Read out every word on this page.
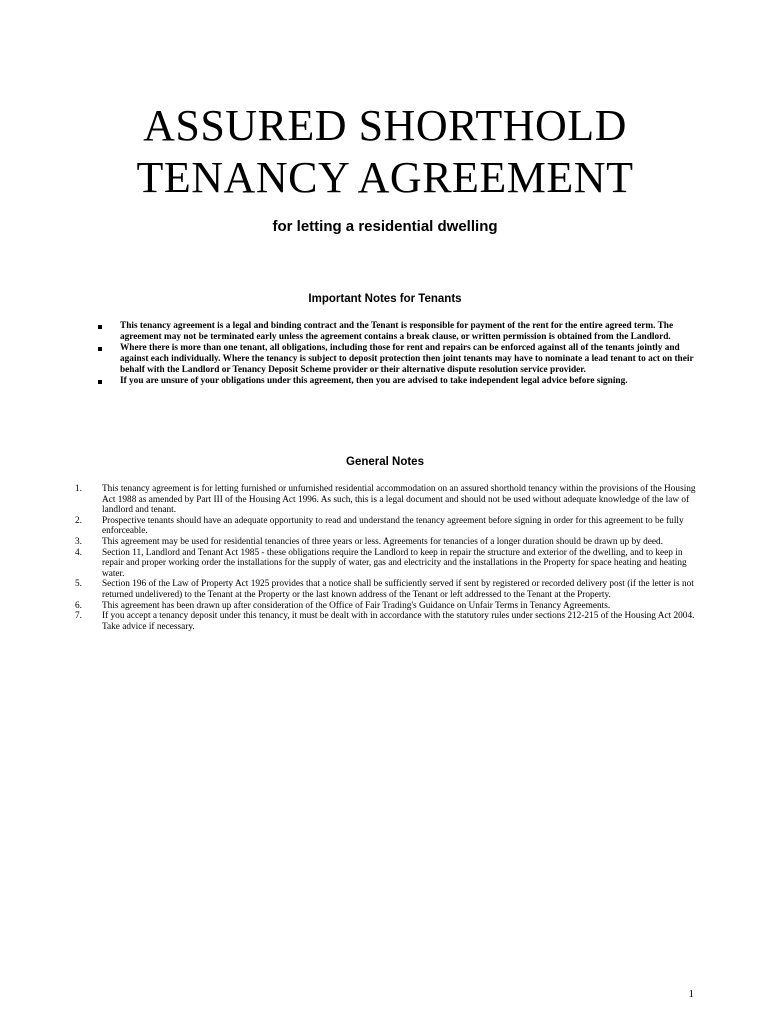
ASSURED SHORTHOLD
TENANCY AGREEMENT

for letting a residential dwelling

Important Notes for Tenants

This tenancy agreement is a legal and binding contract and the Tenant is responsible for payment of the rent for the entire agreed term. The agreement may not be terminated early unless the agreement contains a break clause, or written permission is obtained from the Landlord.
Where there is more than one tenant, all obligations, including those for rent and repairs can be enforced against all of the tenants jointly and against each individually. Where the tenancy is subject to deposit protection then joint tenants may have to nominate a lead tenant to act on their behalf with the Landlord or Tenancy Deposit Scheme provider or their alternative dispute resolution service provider.
If you are unsure of your obligations under this agreement, then you are advised to take independent legal advice before signing.

General Notes

1. This tenancy agreement is for letting furnished or unfurnished residential accommodation on an assured shorthold tenancy within the provisions of the Housing Act 1988 as amended by Part III of the Housing Act 1996. As such, this is a legal document and should not be used without adequate knowledge of the law of landlord and tenant.
2. Prospective tenants should have an adequate opportunity to read and understand the tenancy agreement before signing in order for this agreement to be fully enforceable.
3. This agreement may be used for residential tenancies of three years or less. Agreements for tenancies of a longer duration should be drawn up by deed.
4. Section 11, Landlord and Tenant Act 1985 - these obligations require the Landlord to keep in repair the structure and exterior of the dwelling, and to keep in repair and proper working order the installations for the supply of water, gas and electricity and the installations in the Property for space heating and heating water.
5. Section 196 of the Law of Property Act 1925 provides that a notice shall be sufficiently served if sent by registered or recorded delivery post (if the letter is not returned undelivered) to the Tenant at the Property or the last known address of the Tenant or left addressed to the Tenant at the Property.
6. This agreement has been drawn up after consideration of the Office of Fair Trading's Guidance on Unfair Terms in Tenancy Agreements.
7. If you accept a tenancy deposit under this tenancy, it must be dealt with in accordance with the statutory rules under sections 212-215 of the Housing Act 2004. Take advice if necessary.
1
